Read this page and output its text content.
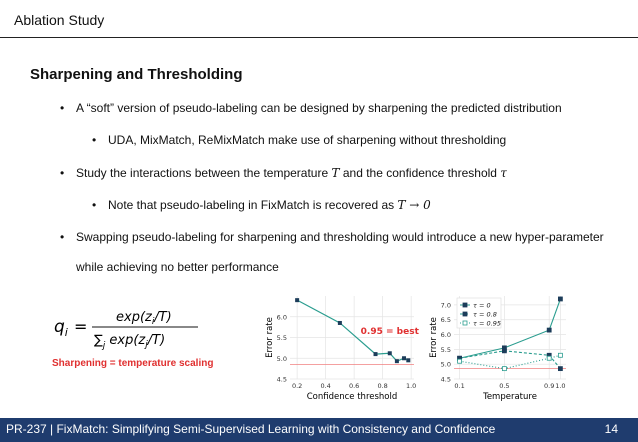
Ablation Study
Sharpening and Thresholding
• A “soft” version of pseudo-labeling can be designed by sharpening the predicted distribution
• UDA, MixMatch, ReMixMatch make use of sharpening without thresholding
• Study the interactions between the temperature T and the confidence threshold τ
• Note that pseudo-labeling in FixMatch is recovered as T → 0
• Swapping pseudo-labeling for sharpening and thresholding would introduce a new hyper-parameter
while achieving no better performance
$q_i = \exp(z_i/T)$
$\sum_j$ $\exp(z_j/T)$
Sharpening = temperature scaling
4.5
5.0
5.5
6.0
0.2	0.4	0.6	0.8	1.0
0.95 = best
Confidence threshold
Error rate
4.5
5.0
5.5
6.0
6.5
7.0
0.1	0.5	0.9 1.0
τ = 0
τ = 0.8
τ = 0.95
Temperature
Error rate
PR-237 | FixMatch: Simplifying Semi-Supervised Learning with Consistency and Confidence	14
